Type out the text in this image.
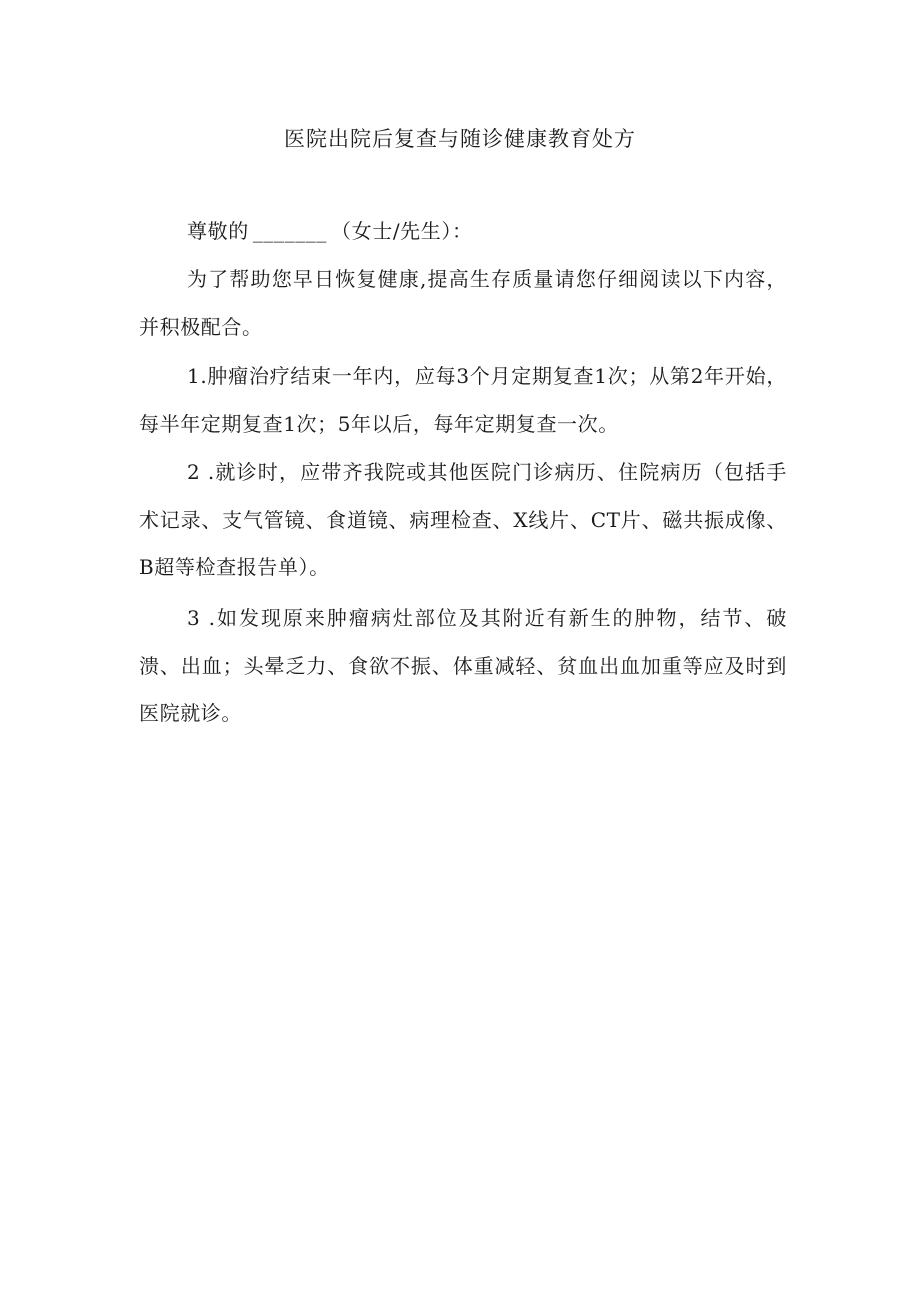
医院出院后复查与随诊健康教育处方
尊敬的 _______ （女士/先生）：

为了帮助您早日恢复健康,提高生存质量请您仔细阅读以下内容，并积极配合。

1.肿瘤治疗结束一年内，应每3个月定期复查1次；从第2年开始，每半年定期复查1次；5年以后，每年定期复查一次。

2 .就诊时，应带齐我院或其他医院门诊病历、住院病历（包括手术记录、支气管镜、食道镜、病理检查、X线片、CT片、磁共振成像、B超等检查报告单）。

3 .如发现原来肿瘤病灶部位及其附近有新生的肿物，结节、破溃、出血；头晕乏力、食欲不振、体重减轻、贫血出血加重等应及时到医院就诊。
